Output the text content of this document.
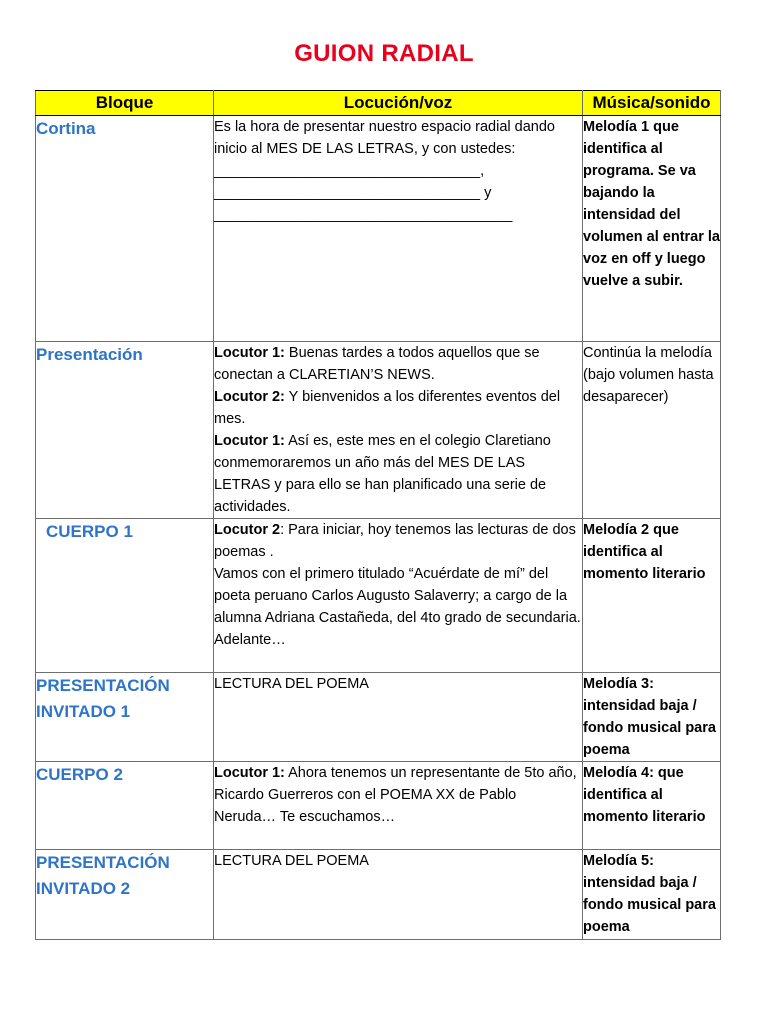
GUION RADIAL
Bloque	Locución/voz	Música/sonido
Cortina	Es la hora de presentar nuestro espacio radial dando inicio al MES DE LAS LETRAS, y con ustedes: _________________________________,
_________________________________ y
_____________________________________	Melodía 1 que identifica al programa. Se va bajando la intensidad del volumen al entrar la voz en off y luego vuelve a subir.
Presentación	Locutor 1: Buenas tardes a todos aquellos que se conectan a CLARETIAN’S NEWS.

Locutor 2: Y bienvenidos a los diferentes eventos del mes.

Locutor 1: Así es, este mes en el colegio Claretiano conmemoraremos un año más del MES DE LAS LETRAS y para ello se han planificado una serie de actividades.	Continúa la melodía (bajo volumen hasta desaparecer)
CUERPO 1	Locutor 2: Para iniciar, hoy tenemos las lecturas de dos poemas .

Vamos con el primero titulado “Acuérdate de mí” del poeta peruano Carlos Augusto Salaverry; a cargo de la alumna Adriana Castañeda, del 4to grado de secundaria. Adelante…	Melodía 2 que identifica al momento literario
PRESENTACIÓN
INVITADO 1	LECTURA DEL POEMA	Melodía 3: intensidad baja / fondo musical para poema
CUERPO 2	Locutor 1: Ahora tenemos un representante de 5to año, Ricardo Guerreros con el POEMA XX de Pablo Neruda… Te escuchamos…	Melodía 4: que identifica al momento literario
PRESENTACIÓN
INVITADO 2	LECTURA DEL POEMA	Melodía 5: intensidad baja / fondo musical para poema
